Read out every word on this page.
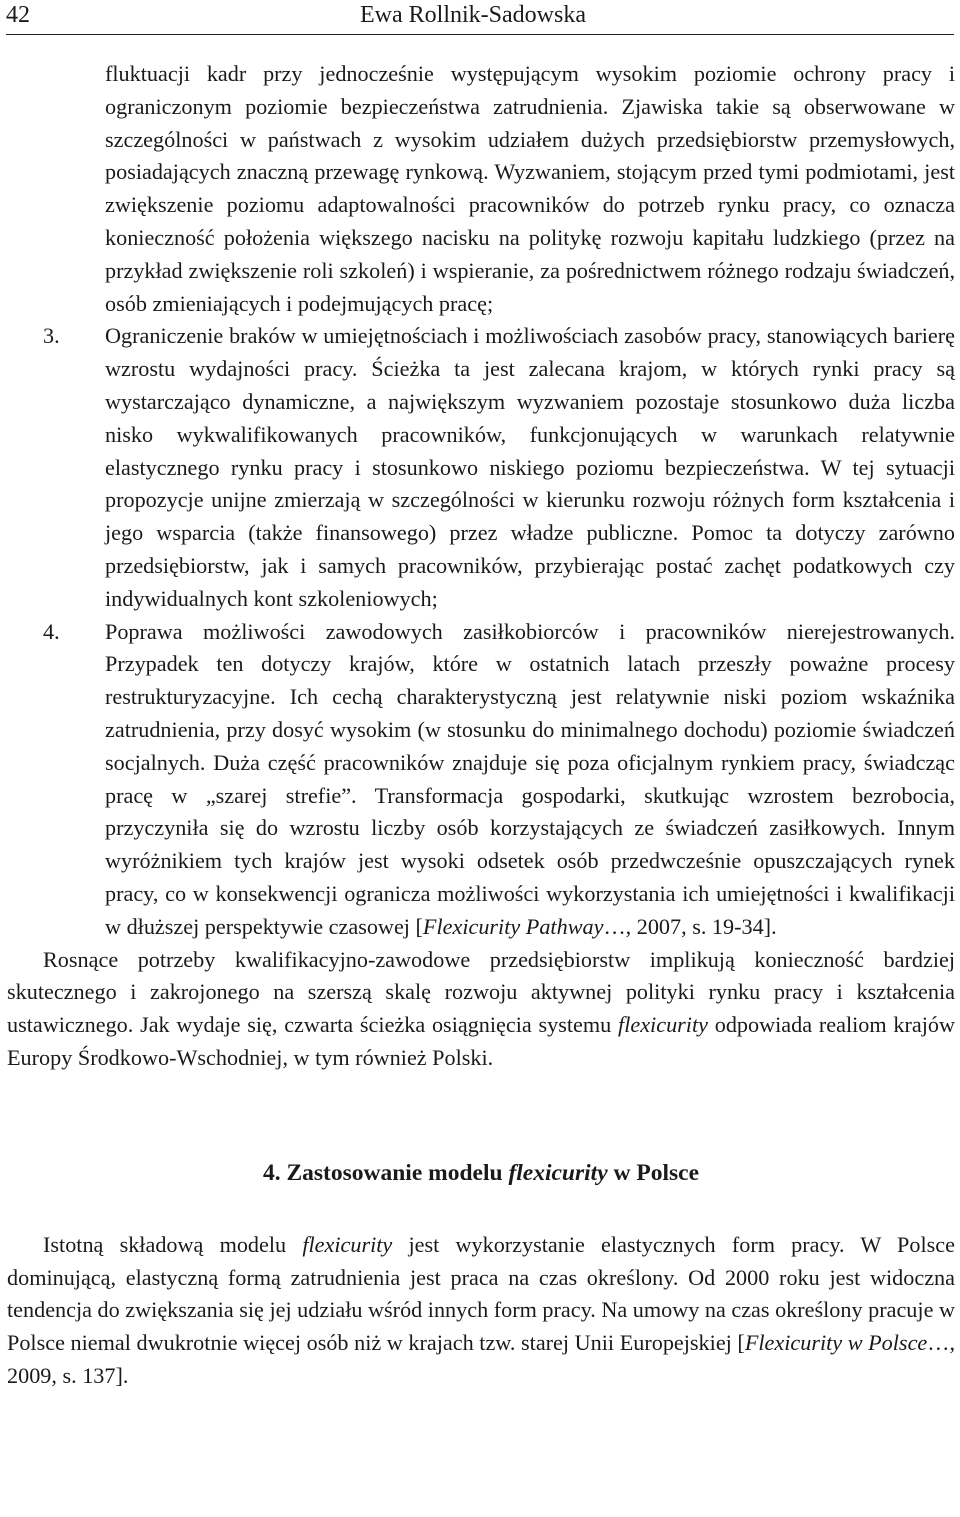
42	Ewa Rollnik-Sadowska

fluktuacji kadr przy jednocześnie występującym wysokim poziomie ochrony pracy i ograniczonym poziomie bezpieczeństwa zatrudnienia. Zjawiska takie są obserwowane w szczególności w państwach z wysokim udziałem dużych przedsiębiorstw przemysłowych, posiadających znaczną przewagę rynkową. Wyzwaniem, stojącym przed tymi podmiotami, jest zwiększenie poziomu adaptowalności pracowników do potrzeb rynku pracy, co oznacza konieczność położenia większego nacisku na politykę rozwoju kapitału ludzkiego (przez na przykład zwiększenie roli szkoleń) i wspieranie, za pośrednictwem różnego rodzaju świadczeń, osób zmieniających i podejmujących pracę;

3. Ograniczenie braków w umiejętnościach i możliwościach zasobów pracy, stanowiących barierę wzrostu wydajności pracy. Ścieżka ta jest zalecana krajom, w których rynki pracy są wystarczająco dynamiczne, a największym wyzwaniem pozostaje stosunkowo duża liczba nisko wykwalifikowanych pracowników, funkcjonujących w warunkach relatywnie elastycznego rynku pracy i stosunkowo niskiego poziomu bezpieczeństwa. W tej sytuacji propozycje unijne zmierzają w szczególności w kierunku rozwoju różnych form kształcenia i jego wsparcia (także finansowego) przez władze publiczne. Pomoc ta dotyczy zarówno przedsiębiorstw, jak i samych pracowników, przybierając postać zachęt podatkowych czy indywidualnych kont szkoleniowych;

4. Poprawa możliwości zawodowych zasiłkobiorców i pracowników nierejestrowanych. Przypadek ten dotyczy krajów, które w ostatnich latach przeszły poważne procesy restrukturyzacyjne. Ich cechą charakterystyczną jest relatywnie niski poziom wskaźnika zatrudnienia, przy dosyć wysokim (w stosunku do minimalnego dochodu) poziomie świadczeń socjalnych. Duża część pracowników znajduje się poza oficjalnym rynkiem pracy, świadcząc pracę w „szarej strefie”. Transformacja gospodarki, skutkując wzrostem bezrobocia, przyczyniła się do wzrostu liczby osób korzystających ze świadczeń zasiłkowych. Innym wyróżnikiem tych krajów jest wysoki odsetek osób przedwcześnie opuszczających rynek pracy, co w konsekwencji ogranicza możliwości wykorzystania ich umiejętności i kwalifikacji w dłuższej perspektywie czasowej [Flexicurity Pathway…, 2007, s. 19-34].

Rosnące potrzeby kwalifikacyjno-zawodowe przedsiębiorstw implikują konieczność bardziej skutecznego i zakrojonego na szerszą skalę rozwoju aktywnej polityki rynku pracy i kształcenia ustawicznego. Jak wydaje się, czwarta ścieżka osiągnięcia systemu flexicurity odpowiada realiom krajów Europy Środkowo-Wschodniej, w tym również Polski.

4. Zastosowanie modelu flexicurity w Polsce

Istotną składową modelu flexicurity jest wykorzystanie elastycznych form pracy. W Polsce dominującą, elastyczną formą zatrudnienia jest praca na czas określony. Od 2000 roku jest widoczna tendencja do zwiększania się jej udziału wśród innych form pracy. Na umowy na czas określony pracuje w Polsce niemal dwukrotnie więcej osób niż w krajach tzw. starej Unii Europejskiej [Flexicurity w Polsce…, 2009, s. 137].
